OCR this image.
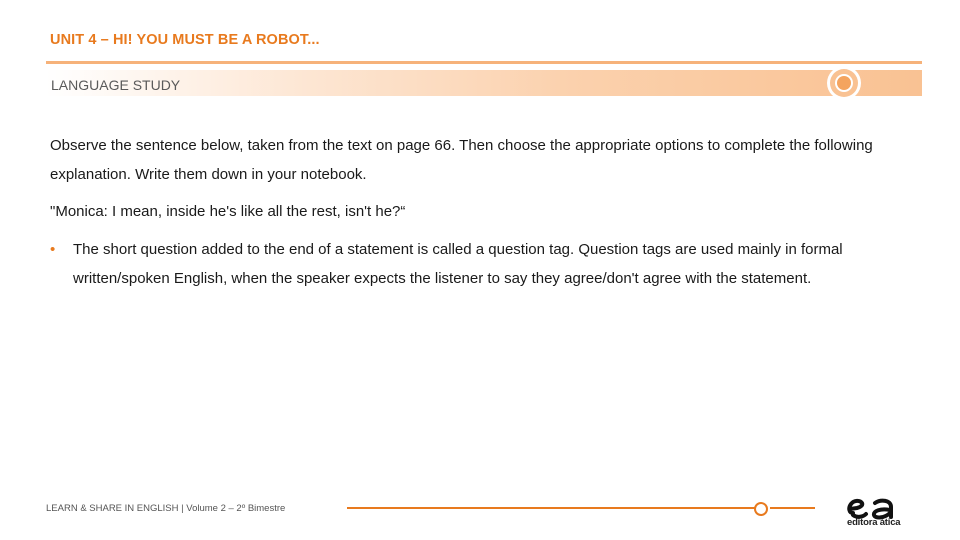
UNIT 4 – HI! YOU MUST BE A ROBOT...
LANGUAGE STUDY
Observe the sentence below, taken from the text on page 66. Then choose the appropriate options to complete the following explanation. Write them down in your notebook.
"Monica: I mean, inside he's like all the rest, isn't he?“
• The short question added to the end of a statement is called a question tag. Question tags are used mainly in formal written/spoken English, when the speaker expects the listener to say they agree/don't agree with the statement.
LEARN & SHARE IN ENGLISH | Volume 2 – 2º Bimestre
editora ática
